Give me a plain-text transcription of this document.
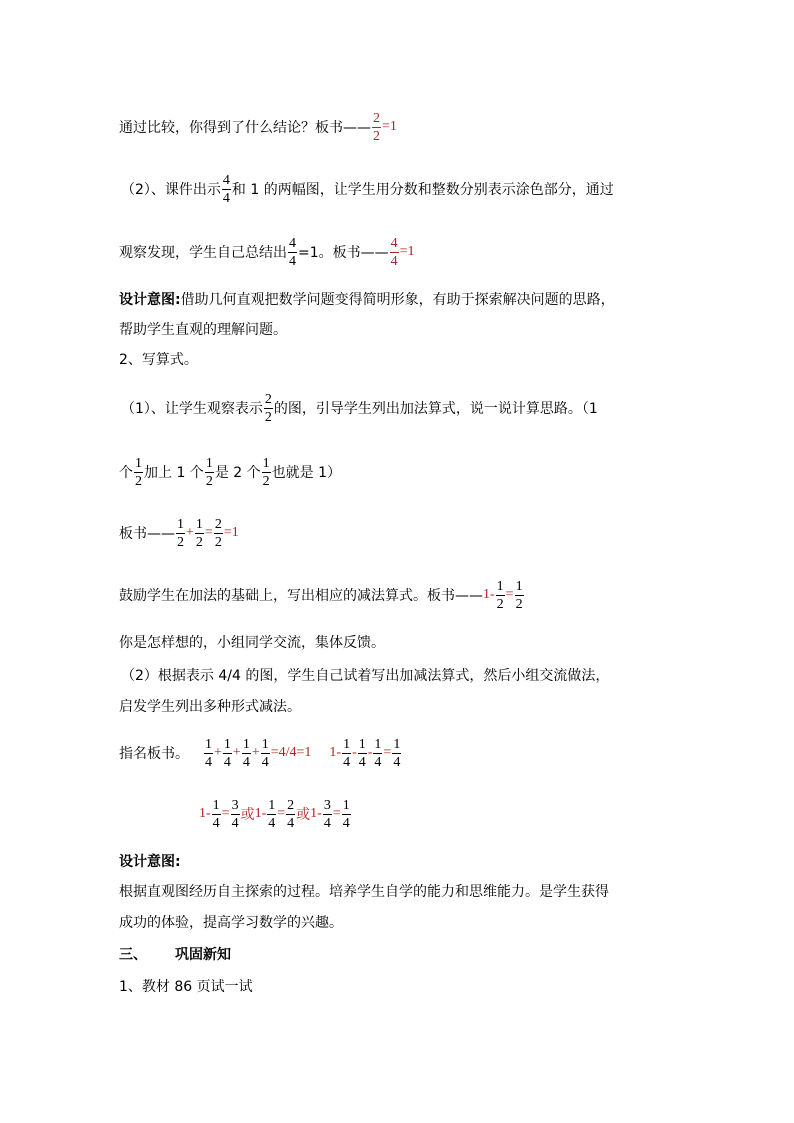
通过比较，你得到了什么结论？板书—— $\frac{2}{2} =1$
（2）、课件出示 $\frac{4}{4}$ 和 1 的两幅图，让学生用分数和整数分别表示涂色部分，通过
观察发现，学生自己总结出 $\frac{4}{4} =1$。板书—— $\frac{4}{4} =1$
设计意图: 借助几何直观把数学问题变得简明形象，有助于探索解决问题的思路，
帮助学生直观的理解问题。
2、写算式。
（1）、让学生观察表示 $\frac{2}{2}$ 的图，引导学生列出加法算式，说一说计算思路。（1
个 $\frac{1}{2}$ 加上 1 个 $\frac{1}{2}$ 是 2 个 $\frac{1}{2}$ 也就是 1）
板书—— $\frac{1}{2} + \frac{1}{2} = \frac{2}{2} =1$
鼓励学生在加法的基础上，写出相应的减法算式。板书—— $1 - \frac{1}{2} = \frac{1}{2}$
你是怎样想的，小组同学交流，集体反馈。
（2）根据表示 4/4 的图，学生自己试着写出加减法算式，然后小组交流做法，
启发学生列出多种形式减法。
指名板书。 $\frac{1}{4} + \frac{1}{4} + \frac{1}{4} + \frac{1}{4} =4/4=1$ $1 - \frac{1}{4} - \frac{1}{4} - \frac{1}{4} = \frac{1}{4}$
$1 - \frac{1}{4} = \frac{3}{4}$ 或 $1 - \frac{1}{4} = \frac{2}{4}$ 或 $1 - \frac{3}{4} = \frac{1}{4}$
设计意图:
根据直观图经历自主探索的过程。培养学生自学的能力和思维能力。是学生获得
成功的体验，提高学习数学的兴趣。
三、 巩固新知
1、教材 86 页试一试
